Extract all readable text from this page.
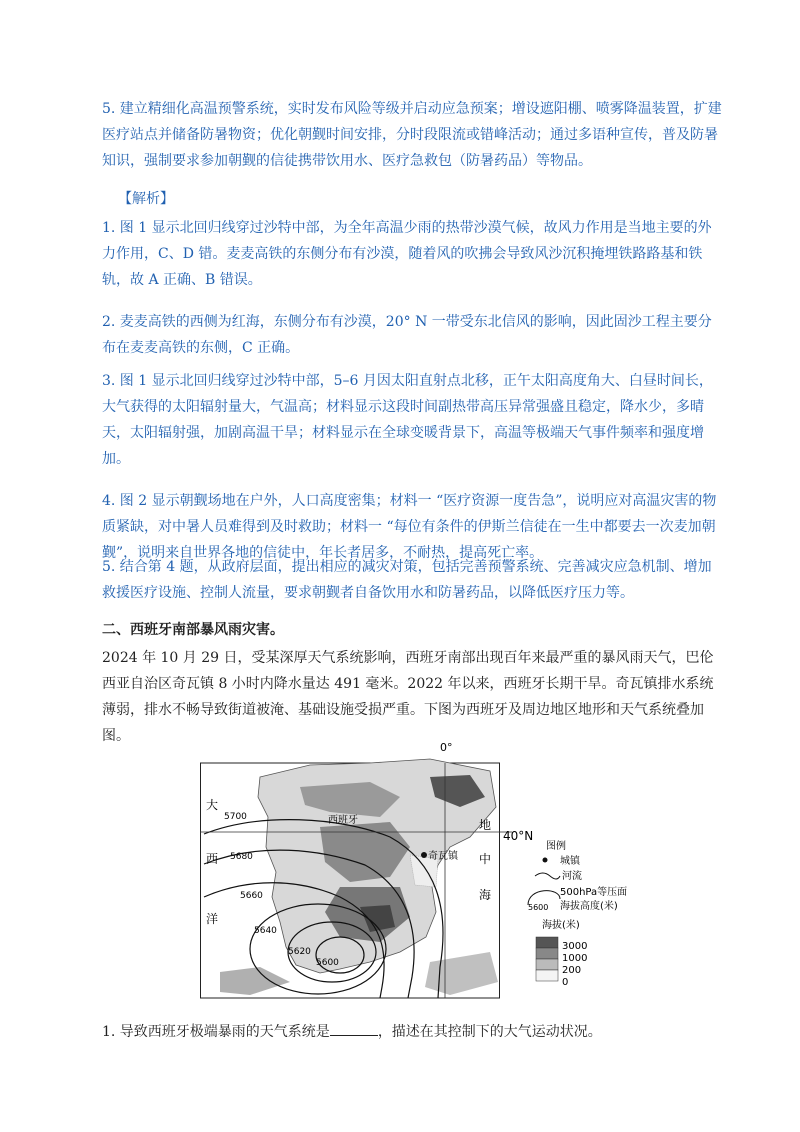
5. 建立精细化高温预警系统，实时发布风险等级并启动应急预案；增设遮阳棚、喷雾降温装置，扩建医疗站点并储备防暑物资；优化朝觐时间安排，分时段限流或错峰活动；通过多语种宣传，普及防暑知识，强制要求参加朝觐的信徒携带饮用水、医疗急救包（防暑药品）等物品。

【解析】

1. 图 1 显示北回归线穿过沙特中部，为全年高温少雨的热带沙漠气候，故风力作用是当地主要的外力作用，C、D 错。麦麦高铁的东侧分布有沙漠，随着风的吹拂会导致风沙沉积掩埋铁路路基和铁轨，故 A 正确、B 错误。

2. 麦麦高铁的西侧为红海，东侧分布有沙漠，20° N 一带受东北信风的影响，因此固沙工程主要分布在麦麦高铁的东侧，C 正确。

3. 图 1 显示北回归线穿过沙特中部，5–6 月因太阳直射点北移，正午太阳高度角大、白昼时间长，大气获得的太阳辐射量大，气温高；材料显示这段时间副热带高压异常强盛且稳定，降水少，多晴天，太阳辐射强，加剧高温干旱；材料显示在全球变暖背景下，高温等极端天气事件频率和强度增加。

4. 图 2 显示朝觐场地在户外，人口高度密集；材料一 “医疗资源一度告急”，说明应对高温灾害的物质紧缺，对中暑人员难得到及时救助；材料一 “每位有条件的伊斯兰信徒在一生中都要去一次麦加朝觐”，说明来自世界各地的信徒中，年长者居多，不耐热，提高死亡率。

5. 结合第 4 题，从政府层面，提出相应的减灾对策，包括完善预警系统、完善减灾应急机制、增加救援医疗设施、控制人流量，要求朝觐者自备饮用水和防暑药品，以降低医疗压力等。

二、西班牙南部暴风雨灾害。

2024 年 10 月 29 日，受某深厚天气系统影响，西班牙南部出现百年来最严重的暴风雨天气，巴伦西亚自治区奇瓦镇 8 小时内降水量达 491 毫米。2022 年以来，西班牙长期干旱。奇瓦镇排水系统薄弱，排水不畅导致街道被淹、基础设施受损严重。下图为西班牙及周边地区地形和天气系统叠加图。

0°
40°N
西班牙
奇瓦镇
大
西
洋
地
中
海
5700
5680
5660
5640
5620
5600
图例
城镇
河流
5600
500hPa等压面
海拔高度(米)
海拔(米)
3000
1000
200
0

1. 导致西班牙极端暴雨的天气系统是	，描述在其控制下的大气运动状况。
